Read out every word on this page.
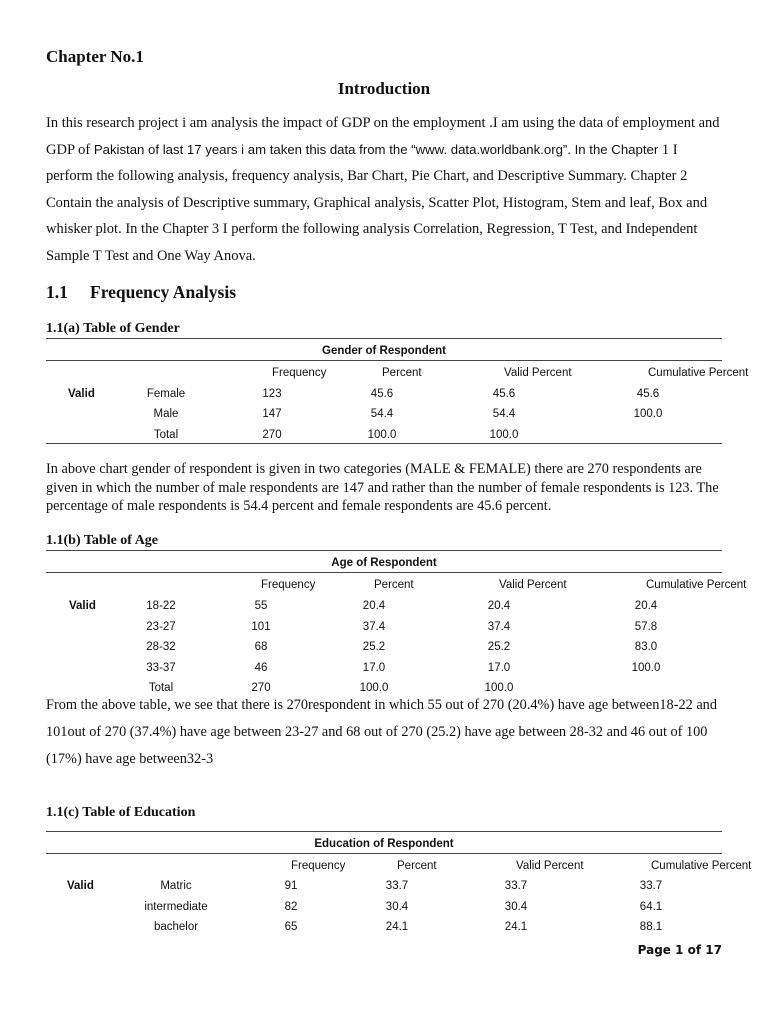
Chapter No.1
Introduction
In this research project i am analysis the impact of GDP on the employment .I am using the data of employment and GDP of Pakistan of last 17 years i am taken this data from the “www. data.worldbank.org”. In the Chapter 1 I perform the following analysis, frequency analysis, Bar Chart, Pie Chart, and Descriptive Summary. Chapter 2 Contain the analysis of Descriptive summary, Graphical analysis, Scatter Plot, Histogram, Stem and leaf, Box and whisker plot. In the Chapter 3 I perform the following analysis Correlation, Regression, T Test, and Independent Sample T Test and One Way Anova.
1.1 Frequency Analysis
1.1(a) Table of Gender
Gender of Respondent
Frequency	Percent	Valid Percent	Cumulative Percent
Valid	Female	123	45.6	45.6	45.6
Male	147	54.4	54.4	100.0
Total	270	100.0	100.0
In above chart gender of respondent is given in two categories (MALE & FEMALE) there are 270 respondents are given in which the number of male respondents are 147 and rather than the number of female respondents is 123. The percentage of male respondents is 54.4 percent and female respondents are 45.6 percent.
1.1(b) Table of Age
Age of Respondent
Frequency	Percent	Valid Percent	Cumulative Percent
Valid	18-22	55	20.4	20.4	20.4
23-27	101	37.4	37.4	57.8
28-32	68	25.2	25.2	83.0
33-37	46	17.0	17.0	100.0
Total	270	100.0	100.0
From the above table, we see that there is 270respondent in which 55 out of 270 (20.4%) have age between18-22 and 101out of 270 (37.4%) have age between 23-27 and 68 out of 270 (25.2) have age between 28-32 and 46 out of 100 (17%) have age between32-3
1.1(c) Table of Education
Education of Respondent
Frequency	Percent	Valid Percent	Cumulative Percent
Valid	Matric	91	33.7	33.7	33.7
intermediate	82	30.4	30.4	64.1
bachelor	65	24.1	24.1	88.1
Page 1 of 17
